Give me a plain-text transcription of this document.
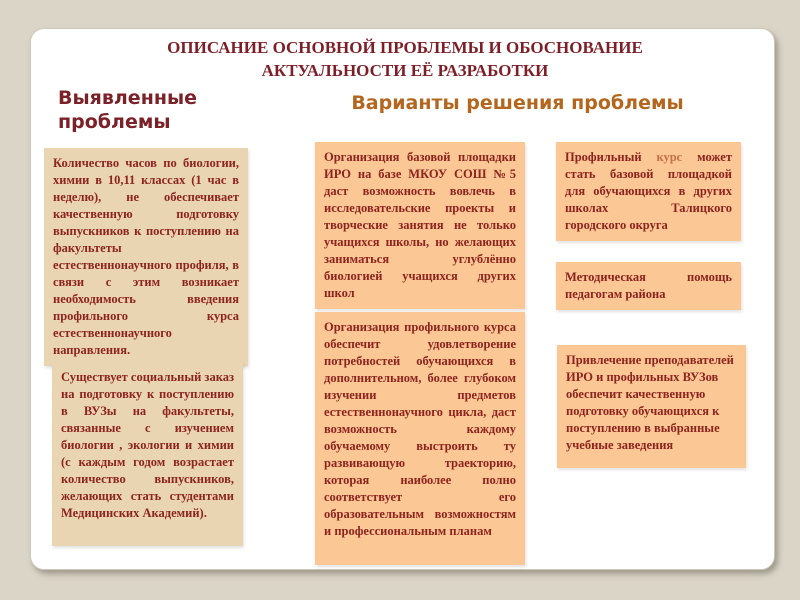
ОПИСАНИЕ ОСНОВНОЙ ПРОБЛЕМЫ И ОБОСНОВАНИЕ АКТУАЛЬНОСТИ ЕЁ РАЗРАБОТКИ
Выявленные проблемы
Варианты решения проблемы

Количество часов по биологии, химии в 10,11 классах (1 час в неделю), не обеспечивает качественную подготовку выпускников к поступлению на факультеты естественнонаучного профиля, в связи с этим возникает необходимость введения профильного курса естественнонаучного направления.

Существует социальный заказ на подготовку к поступлению в ВУЗы на факультеты, связанные с изучением биологии , экологии и химии (с каждым годом возрастает количество выпускников, желающих стать студентами Медицинских Академий).

Организация базовой площадки ИРО на базе МКОУ СОШ №5 даст возможность вовлечь в исследовательские проекты и творческие занятия не только учащихся школы, но желающих заниматься углублённо биологией учащихся других школ

Организация профильного курса обеспечит удовлетворение потребностей обучающихся в дополнительном, более глубоком изучении предметов естественнонаучного цикла, даст возможность каждому обучаемому выстроить ту развивающую траекторию, которая наиболее полно соответствует его образовательным возможностям и профессиональным планам

Профильный курс может стать базовой площадкой для обучающихся в других школах Талицкого городского округа

Методическая помощь педагогам района

Привлечение преподавателей ИРО и профильных ВУЗов обеспечит качественную подготовку обучающихся к поступлению в выбранные учебные заведения
